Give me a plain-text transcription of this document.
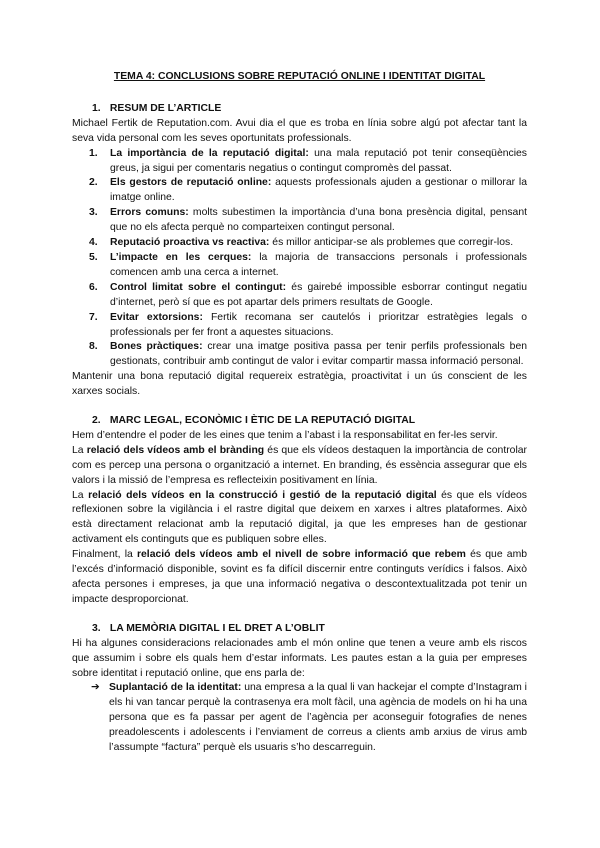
TEMA 4: CONCLUSIONS SOBRE REPUTACIÓ ONLINE I IDENTITAT DIGITAL
1. RESUM DE L’ARTICLE

Michael Fertik de Reputation.com. Avui dia el que es troba en línia sobre algú pot afectar tant la seva vida personal com les seves oportunitats professionals.

1. La importància de la reputació digital: una mala reputació pot tenir conseqüències greus, ja sigui per comentaris negatius o contingut compromès del passat.
2. Els gestors de reputació online: aquests professionals ajuden a gestionar o millorar la imatge online.
3. Errors comuns: molts subestimen la importància d’una bona presència digital, pensant que no els afecta perquè no comparteixen contingut personal.
4. Reputació proactiva vs reactiva: és millor anticipar-se als problemes que corregir-los.
5. L’impacte en les cerques: la majoria de transaccions personals i professionals comencen amb una cerca a internet.
6. Control limitat sobre el contingut: és gairebé impossible esborrar contingut negatiu d’internet, però sí que es pot apartar dels primers resultats de Google.
7. Evitar extorsions: Fertik recomana ser cautelós i prioritzar estratègies legals o professionals per fer front a aquestes situacions.
8. Bones pràctiques: crear una imatge positiva passa per tenir perfils professionals ben gestionats, contribuir amb contingut de valor i evitar compartir massa informació personal.

Mantenir una bona reputació digital requereix estratègia, proactivitat i un ús conscient de les xarxes socials.

2. MARC LEGAL, ECONÒMIC I ÈTIC DE LA REPUTACIÓ DIGITAL

Hem d’entendre el poder de les eines que tenim a l’abast i la responsabilitat en fer-les servir.

La relació dels vídeos amb el brànding és que els vídeos destaquen la importància de controlar com es percep una persona o organització a internet. En branding, és essència assegurar que els valors i la missió de l’empresa es reflecteixin positivament en línia.

La relació dels vídeos en la construcció i gestió de la reputació digital és que els vídeos reflexionen sobre la vigilància i el rastre digital que deixem en xarxes i altres plataformes. Això està directament relacionat amb la reputació digital, ja que les empreses han de gestionar activament els continguts que es publiquen sobre elles.

Finalment, la relació dels vídeos amb el nivell de sobre informació que rebem és que amb l’excés d’informació disponible, sovint es fa difícil discernir entre continguts verídics i falsos. Això afecta persones i empreses, ja que una informació negativa o descontextualitzada pot tenir un impacte desproporcionat.

3. LA MEMÒRIA DIGITAL I EL DRET A L’OBLIT

Hi ha algunes consideracions relacionades amb el món online que tenen a veure amb els riscos que assumim i sobre els quals hem d’estar informats. Les pautes estan a la guia per empreses sobre identitat i reputació online, que ens parla de:

➔ Suplantació de la identitat: una empresa a la qual li van hackejar el compte d’Instagram i els hi van tancar perquè la contrasenya era molt fàcil, una agència de models on hi ha una persona que es fa passar per agent de l’agència per aconseguir fotografies de nenes preadolescents i adolescents i l’enviament de correus a clients amb arxius de virus amb l’assumpte “factura” perquè els usuaris s’ho descarreguin.
